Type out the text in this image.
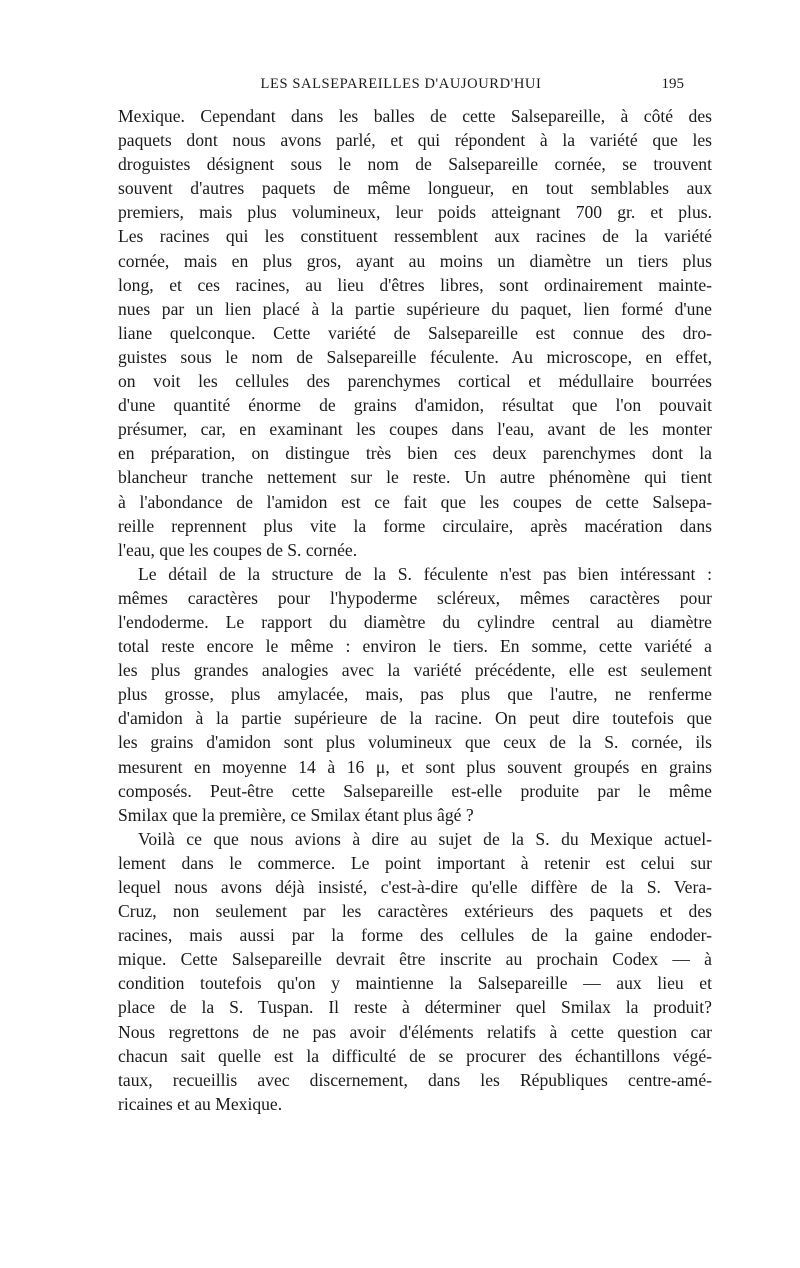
LES SALSEPAREILLES D'AUJOURD'HUI	195
Mexique. Cependant dans les balles de cette Salsepareille, à côté des
paquets dont nous avons parlé, et qui répondent à la variété que les
droguistes désignent sous le nom de Salsepareille cornée, se trouvent
souvent d'autres paquets de même longueur, en tout semblables aux
premiers, mais plus volumineux, leur poids atteignant 700 gr. et plus.
Les racines qui les constituent ressemblent aux racines de la variété
cornée, mais en plus gros, ayant au moins un diamètre un tiers plus
long, et ces racines, au lieu d'êtres libres, sont ordinairement mainte-
nues par un lien placé à la partie supérieure du paquet, lien formé d'une
liane quelconque. Cette variété de Salsepareille est connue des dro-
guistes sous le nom de Salsepareille féculente. Au microscope, en effet,
on voit les cellules des parenchymes cortical et médullaire bourrées
d'une quantité énorme de grains d'amidon, résultat que l'on pouvait
présumer, car, en examinant les coupes dans l'eau, avant de les monter
en préparation, on distingue très bien ces deux parenchymes dont la
blancheur tranche nettement sur le reste. Un autre phénomène qui tient
à l'abondance de l'amidon est ce fait que les coupes de cette Salsepa-
reille reprennent plus vite la forme circulaire, après macération dans
l'eau, que les coupes de S. cornée.
Le détail de la structure de la S. féculente n'est pas bien intéressant :
mêmes caractères pour l'hypoderme scléreux, mêmes caractères pour
l'endoderme. Le rapport du diamètre du cylindre central au diamètre
total reste encore le même : environ le tiers. En somme, cette variété a
les plus grandes analogies avec la variété précédente, elle est seulement
plus grosse, plus amylacée, mais, pas plus que l'autre, ne renferme
d'amidon à la partie supérieure de la racine. On peut dire toutefois que
les grains d'amidon sont plus volumineux que ceux de la S. cornée, ils
mesurent en moyenne 14 à 16 μ, et sont plus souvent groupés en grains
composés. Peut-être cette Salsepareille est-elle produite par le même
Smilax que la première, ce Smilax étant plus âgé ?
Voilà ce que nous avions à dire au sujet de la S. du Mexique actuel-
lement dans le commerce. Le point important à retenir est celui sur
lequel nous avons déjà insisté, c'est-à-dire qu'elle diffère de la S. Vera-
Cruz, non seulement par les caractères extérieurs des paquets et des
racines, mais aussi par la forme des cellules de la gaine endoder-
mique. Cette Salsepareille devrait être inscrite au prochain Codex — à
condition toutefois qu'on y maintienne la Salsepareille — aux lieu et
place de la S. Tuspan. Il reste à déterminer quel Smilax la produit?
Nous regrettons de ne pas avoir d'éléments relatifs à cette question car
chacun sait quelle est la difficulté de se procurer des échantillons végé-
taux, recueillis avec discernement, dans les Républiques centre-amé-
ricaines et au Mexique.
